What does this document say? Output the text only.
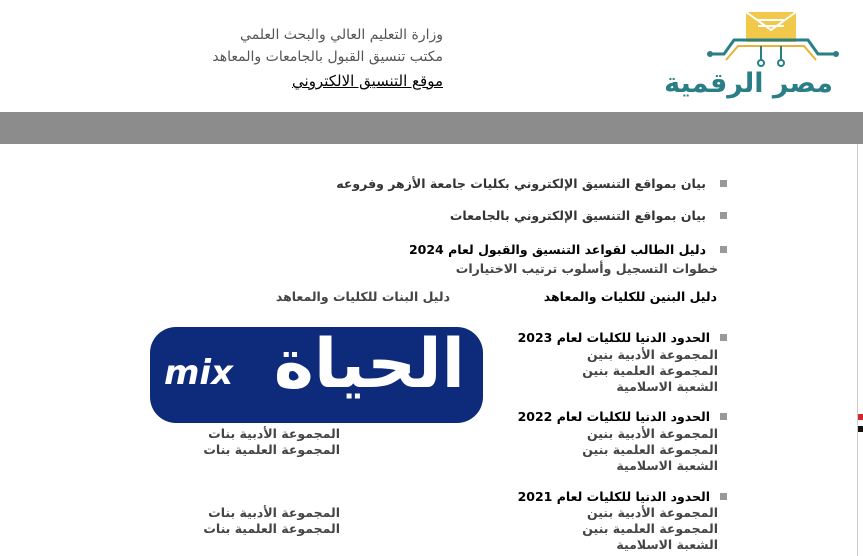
وزارة التعليم العالي والبحث العلمي
مكتب تنسيق القبول بالجامعات والمعاهد
موقع التنسيق الالكتروني	مصر الرقمية
بيان بمواقع التنسيق الإلكتروني بكليات جامعة الأزهر وفروعه
بيان بمواقع التنسيق الإلكتروني بالجامعات
دليل الطالب لقواعد التنسيق والقبول لعام 2024
خطوات التسجيل وأسلوب ترتيب الاختيارات
دليل البنين للكليات والمعاهد
دليل البنات للكليات والمعاهد
الحدود الدنيا للكليات لعام 2023
المجموعة الأدبية بنين
المجموعة العلمية بنين
الشعبة الاسلامية
الحدود الدنيا للكليات لعام 2022
المجموعة الأدبية بنين
المجموعة العلمية بنين
الشعبة الاسلامية
المجموعة الأدبية بنات
المجموعة العلمية بنات
الحدود الدنيا للكليات لعام 2021
المجموعة الأدبية بنين
المجموعة العلمية بنين
الشعبة الاسلامية
المجموعة الأدبية بنات
المجموعة العلمية بنات
الحياة
mix
